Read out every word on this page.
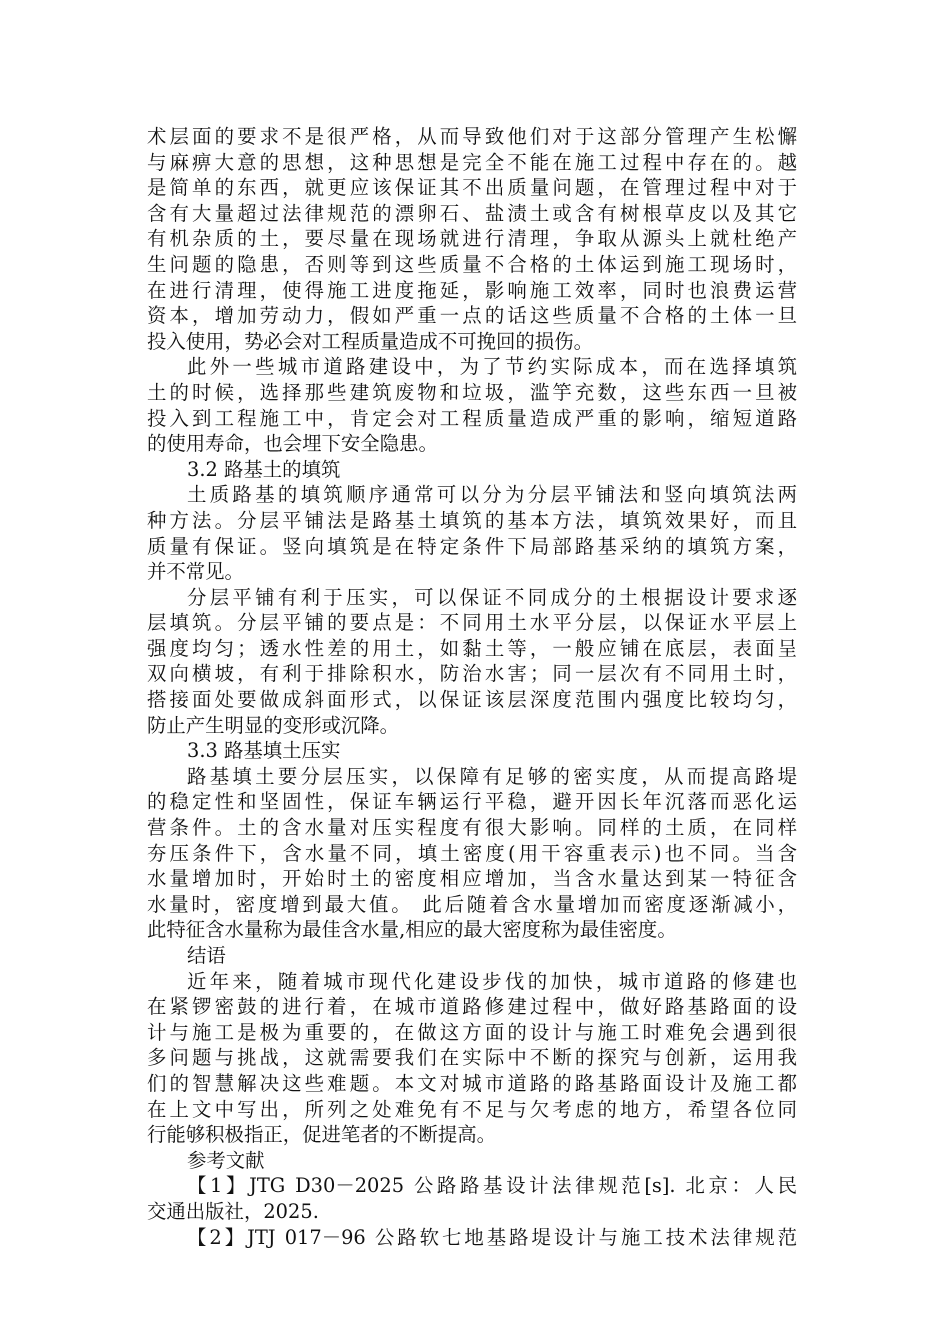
术层面的要求不是很严格，从而导致他们对于这部分管理产生松懈
与麻痹大意的思想，这种思想是完全不能在施工过程中存在的。越
是简单的东西，就更应该保证其不出质量问题，在管理过程中对于
含有大量超过法律规范的漂卵石、盐渍土或含有树根草皮以及其它
有机杂质的土，要尽量在现场就进行清理，争取从源头上就杜绝产
生问题的隐患，否则等到这些质量不合格的土体运到施工现场时，
在进行清理，使得施工进度拖延，影响施工效率，同时也浪费运营
资本，增加劳动力，假如严重一点的话这些质量不合格的土体一旦
投入使用，势必会对工程质量造成不可挽回的损伤。
此外一些城市道路建设中，为了节约实际成本，而在选择填筑
土的时候，选择那些建筑废物和垃圾，滥竽充数，这些东西一旦被
投入到工程施工中，肯定会对工程质量造成严重的影响，缩短道路
的使用寿命，也会埋下安全隐患。
3.2 路基土的填筑
土质路基的填筑顺序通常可以分为分层平铺法和竖向填筑法两
种方法。分层平铺法是路基土填筑的基本方法，填筑效果好，而且
质量有保证。竖向填筑是在特定条件下局部路基采纳的填筑方案，
并不常见。
分层平铺有利于压实，可以保证不同成分的土根据设计要求逐
层填筑。分层平铺的要点是：不同用土水平分层，以保证水平层上
强度均匀；透水性差的用土，如黏土等，一般应铺在底层，表面呈
双向横坡，有利于排除积水，防治水害；同一层次有不同用土时，
搭接面处要做成斜面形式，以保证该层深度范围内强度比较均匀，
防止产生明显的变形或沉降。
3.3 路基填土压实
路基填土要分层压实，以保障有足够的密实度，从而提高路堤
的稳定性和坚固性，保证车辆运行平稳，避开因长年沉落而恶化运
营条件。土的含水量对压实程度有很大影响。同样的土质，在同样
夯压条件下，含水量不同，填土密度(用干容重表示)也不同。当含
水量增加时，开始时土的密度相应增加，当含水量达到某一特征含
水量时，密度增到最大值。 此后随着含水量增加而密度逐渐减小，
此特征含水量称为最佳含水量,相应的最大密度称为最佳密度。
结语
近年来，随着城市现代化建设步伐的加快，城市道路的修建也
在紧锣密鼓的进行着，在城市道路修建过程中，做好路基路面的设
计与施工是极为重要的，在做这方面的设计与施工时难免会遇到很
多问题与挑战，这就需要我们在实际中不断的探究与创新，运用我
们的智慧解决这些难题。本文对城市道路的路基路面设计及施工都
在上文中写出，所列之处难免有不足与欠考虑的地方，希望各位同
行能够积极指正，促进笔者的不断提高。
参考文献
【1】JTG D30－2025 公路路基设计法律规范[s]. 北京：人民
交通出版社，2025.
【2】JTJ 017－96 公路软七地基路堤设计与施工技术法律规范
